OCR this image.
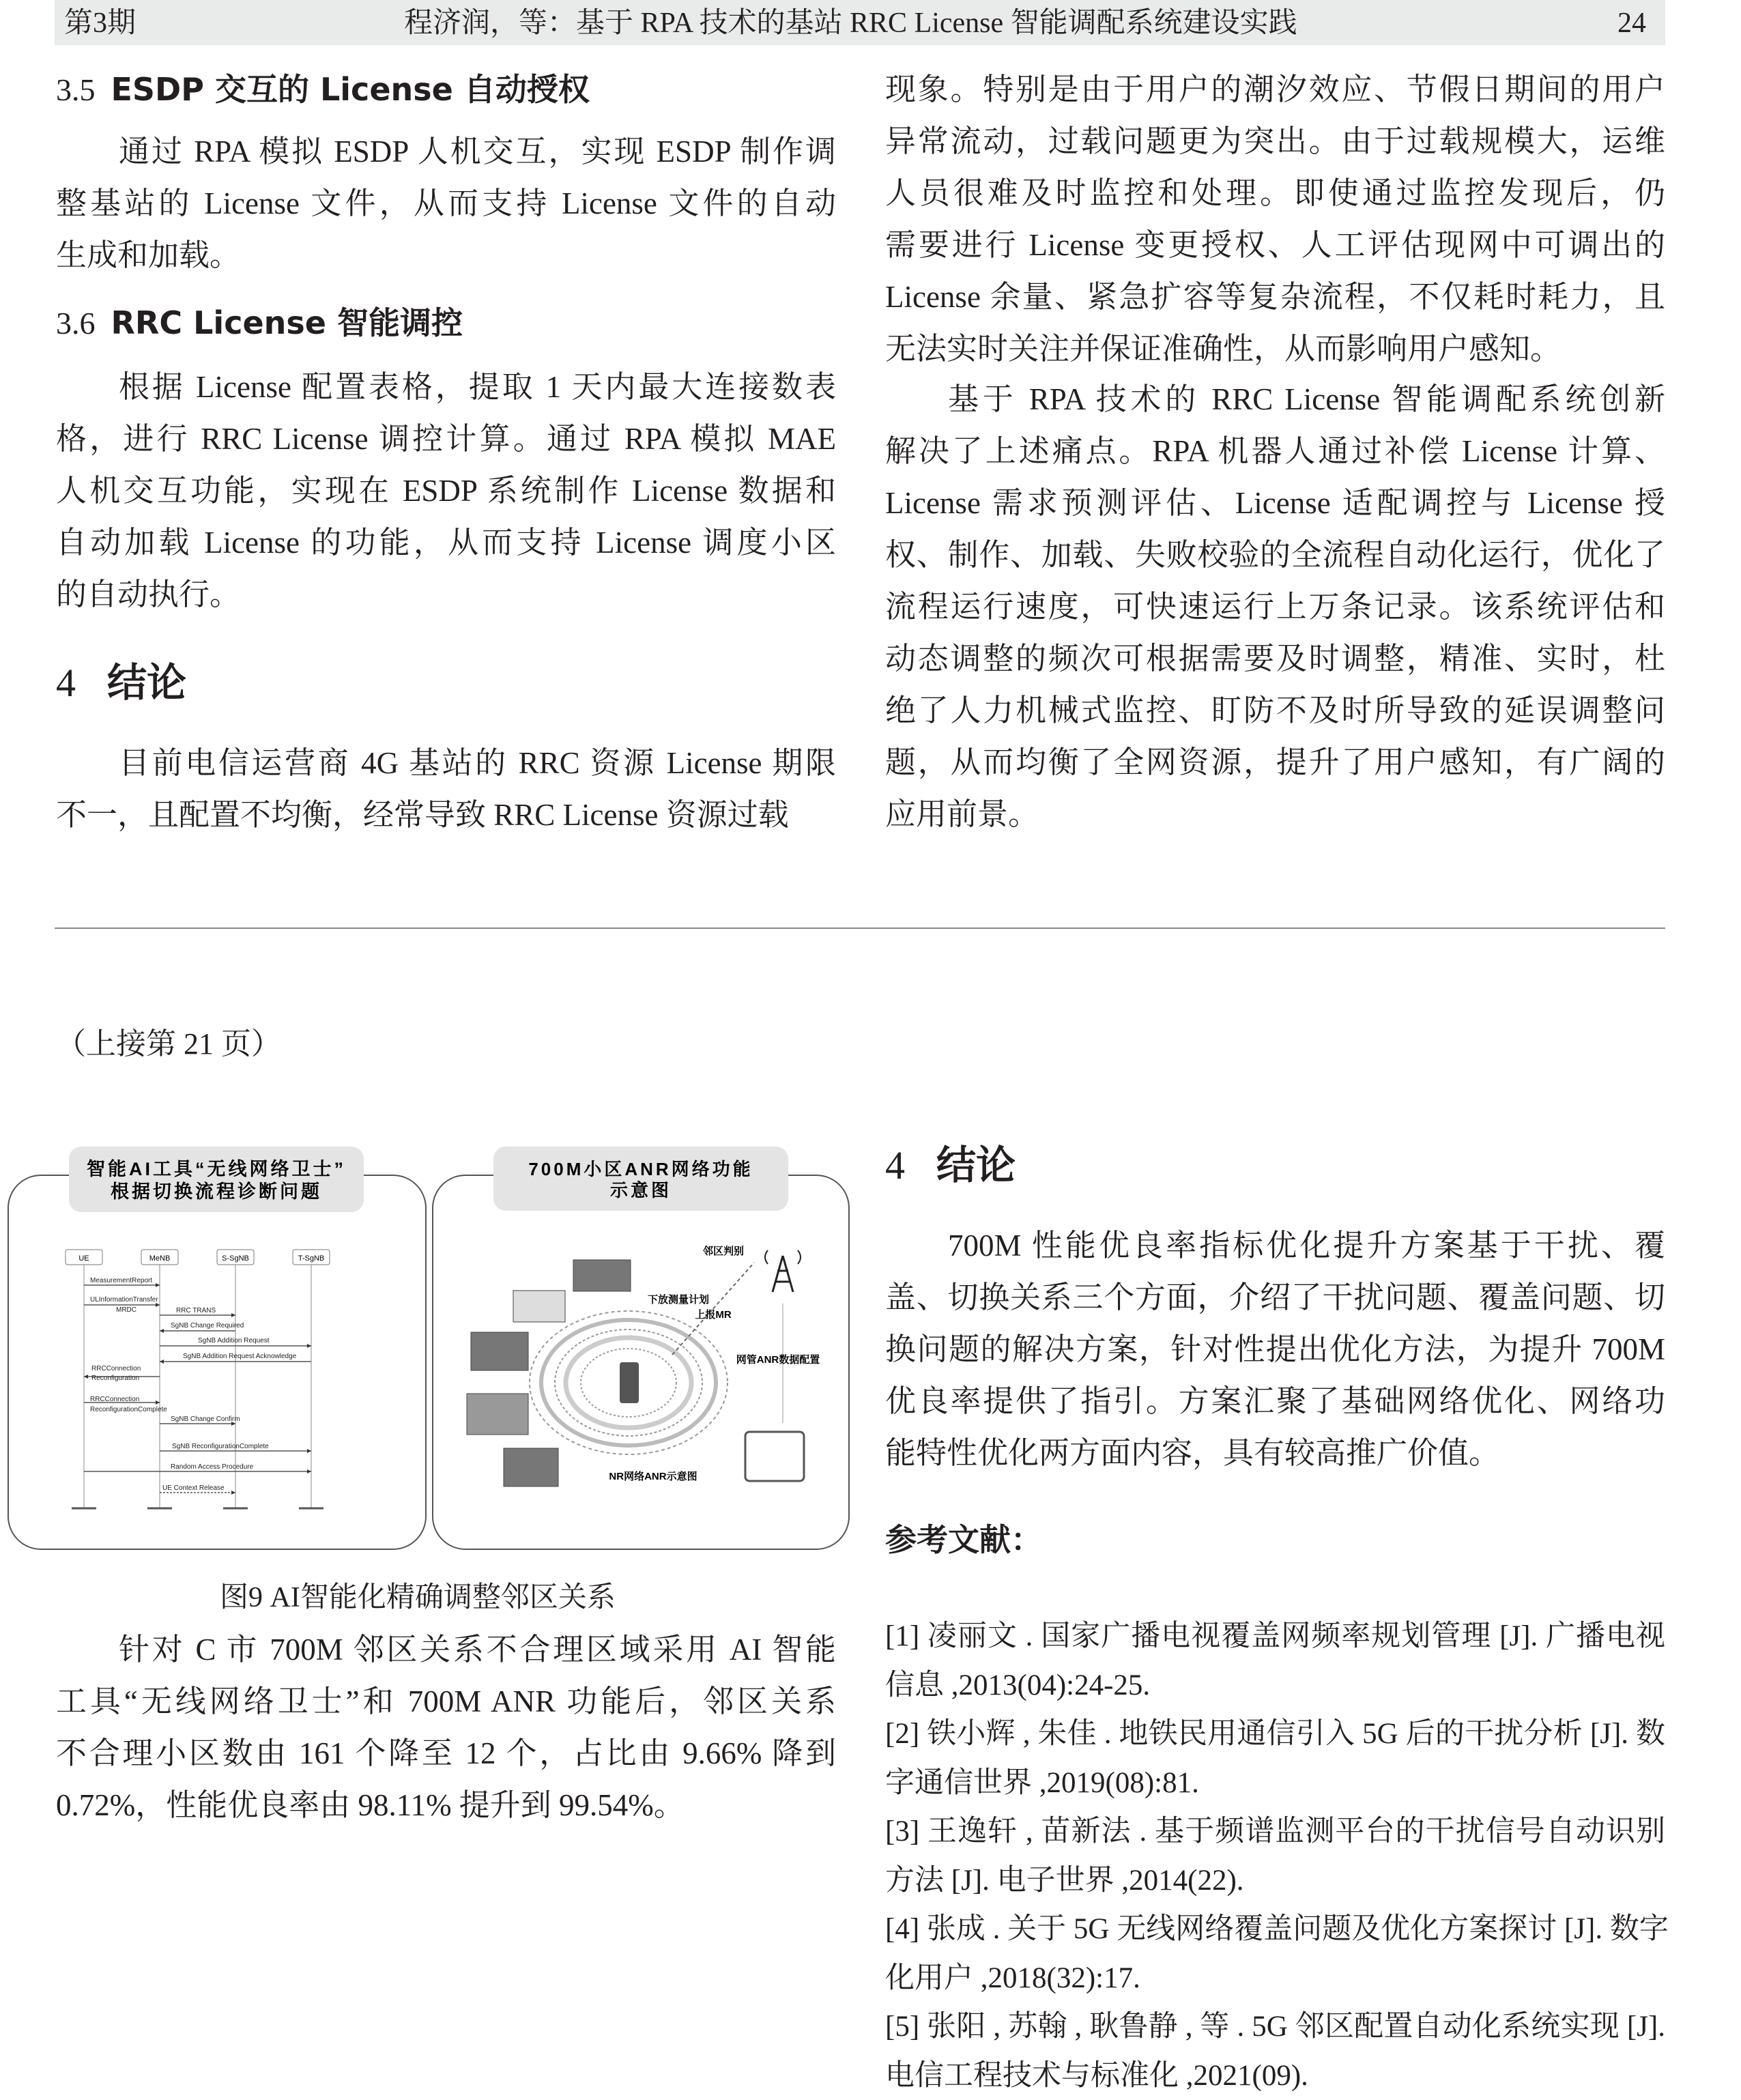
第3期	程济润，等：基于 RPA 技术的基站 RRC License 智能调配系统建设实践	24
3.5 ESDP 交互的 License 自动授权
通过 RPA 模拟 ESDP 人机交互，实现 ESDP 制作调
整基站的 License 文件，从而支持 License 文件的自动
生成和加载。
3.6 RRC License 智能调控
根据 License 配置表格，提取 1 天内最大连接数表
格，进行 RRC License 调控计算。通过 RPA 模拟 MAE
人机交互功能，实现在 ESDP 系统制作 License 数据和
自动加载 License 的功能，从而支持 License 调度小区
的自动执行。
4 结论
目前电信运营商 4G 基站的 RRC 资源 License 期限
不一，且配置不均衡，经常导致 RRC License 资源过载
现象。特别是由于用户的潮汐效应、节假日期间的用户
异常流动，过载问题更为突出。由于过载规模大，运维
人员很难及时监控和处理。即使通过监控发现后，仍
需要进行 License 变更授权、人工评估现网中可调出的
License 余量、紧急扩容等复杂流程，不仅耗时耗力，且
无法实时关注并保证准确性，从而影响用户感知。
基于 RPA 技术的 RRC License 智能调配系统创新
解决了上述痛点。RPA 机器人通过补偿 License 计算、
License 需求预测评估、License 适配调控与 License 授
权、制作、加载、失败校验的全流程自动化运行，优化了
流程运行速度，可快速运行上万条记录。该系统评估和
动态调整的频次可根据需要及时调整，精准、实时，杜
绝了人力机械式监控、盯防不及时所导致的延误调整问
题，从而均衡了全网资源，提升了用户感知，有广阔的
应用前景。
（上接第 21 页）
智能AI工具“无线网络卫士”
根据切换流程诊断问题
UE	MeNB	S-SgNB	T-SgNB
MeasurementReport
ULInformationTransfer
MRDC	RRC TRANS
SgNB Change Required
SgNB Addition Request
SgNB Addition Request Acknowledge
RRCConnection
Reconfiguration
RRCConnection
ReconfigurationComplete
SgNB Change Confirm
SgNB ReconfigurationComplete
Random Access Procedure
UE Context Release
700M小区ANR网络功能
示意图
邻区判别
下放测量计划
上报MR
网管ANR数据配置
NR网络ANR示意图
图9 AI智能化精确调整邻区关系
针对 C 市 700M 邻区关系不合理区域采用 AI 智能
工具“无线网络卫士”和 700M ANR 功能后，邻区关系
不合理小区数由 161 个降至 12 个，占比由 9.66% 降到
0.72%，性能优良率由 98.11% 提升到 99.54%。
4 结论
700M 性能优良率指标优化提升方案基于干扰、覆
盖、切换关系三个方面，介绍了干扰问题、覆盖问题、切
换问题的解决方案，针对性提出优化方法，为提升 700M
优良率提供了指引。方案汇聚了基础网络优化、网络功
能特性优化两方面内容，具有较高推广价值。
参考文献：
[1] 凌丽文 . 国家广播电视覆盖网频率规划管理 [J]. 广播电视
信息 ,2013(04):24-25.
[2] 铁小辉 , 朱佳 . 地铁民用通信引入 5G 后的干扰分析 [J]. 数
字通信世界 ,2019(08):81.
[3] 王逸轩 , 苗新法 . 基于频谱监测平台的干扰信号自动识别
方法 [J]. 电子世界 ,2014(22).
[4] 张成 . 关于 5G 无线网络覆盖问题及优化方案探讨 [J]. 数字
化用户 ,2018(32):17.
[5] 张阳 , 苏翰 , 耿鲁静 , 等 . 5G 邻区配置自动化系统实现 [J].
电信工程技术与标准化 ,2021(09).
